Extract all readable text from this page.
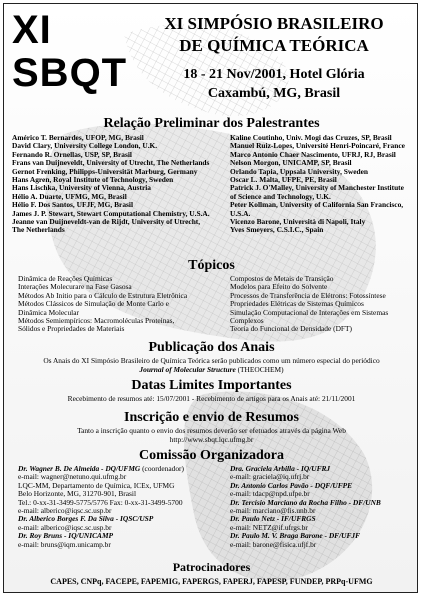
XI
SBQT
XI SIMPÓSIO BRASILEIRO
DE QUÍMICA TEÓRICA
18 - 21 Nov/2001, Hotel Glória
Caxambú, MG, Brasil
Relação Preliminar dos Palestrantes
Américo T. Bernardes, UFOP, MG, Brasil
David Clary, University College London, U.K.
Fernando R. Ornellas, USP, SP, Brasil
Frans van Duijneveldt, University of Utrecht, The Netherlands
Gernot Frenking, Philipps-Universität Marburg, Germany
Hans Agren, Royal Institute of Technology, Sweden
Hans Lischka, University of Vienna, Austria
Hélio A. Duarte, UFMG, MG, Brasil
Hélio F. Dos Santos, UFJF, MG, Brasil
James J. P. Stewart, Stewart Computational Chemistry, U.S.A.
Jeanne van Duijneveldt-van de Rijdt, University of Utrecht,
The Netherlands
Kaline Coutinho, Univ. Mogi das Cruzes, SP, Brasil
Manuel Ruiz-Lopes, Université Henri-Poincaré, France
Marco Antonio Chaer Nascimento, UFRJ, RJ, Brasil
Nelson Morgon, UNICAMP, SP, Brasil
Orlando Tapia, Uppsala University, Sweden
Oscar L. Malta, UFPE, PE, Brasil
Patrick J. O'Malley, University of Manchester Institute
of Science and Technology, U.K.
Peter Kollman, University of California San Francisco,
U.S.A.
Vicenzo Barone, Università di Napoli, Italy
Yves Smeyers, C.S.I.C., Spain
Tópicos
Dinâmica de Reações Químicas
Interações Molecurare na Fase Gasosa
Métodos Ab Initio para o Cálculo de Estrutura Eletrônica
Métodos Clássicos de Simulação de Monte Carlo e
Dinâmica Molecular
Métodos Semiempíricos: Macromoléculas Proteinas,
Sólidos e Propriedades de Materiais
Compostos de Metais de Transição
Modelos para Efeito do Solvente
Processos de Transferência de Elétrons: Fotossíntese
Propriedades Elétricas de Sistemas Químicos
Simulação Computacional de Interações em Sistemas
Complexos
Teoria do Funcional de Densidade (DFT)
Publicação dos Anais
Os Anais do XI Simpósio Brasileiro de Química Teórica serão publicados como um número especial do periódico
Journal of Molecular Structure (THEOCHEM)
Datas Limites Importantes
Recebimento de resumos até: 15/07/2001 - Recebimento de artigos para os Anais até: 21/11/2001
Inscrição e envio de Resumos
Tanto a inscrição quanto o envio dos resumos deverão ser efetuados através da página Web
http://www.sbqt.lqc.ufmg.br
Comissão Organizadora
Dr. Wagner B. De Almeida - DQ/UFMG (coordenador)
e-mail: wagner@netuno.qui.ufmg.br
LQC-MM, Departamento de Química, ICEx, UFMG
Belo Horizonte, MG, 31270-901, Brasil
Tel.: 0-xx-31-3499-5775/5776 Fax: 0-xx-31-3499-5700
e-mail: alberico@iqsc.sc.usp.br
Dr. Alberico Borges F. Da Silva - IQSC/USP
e-mail: alberico@iqsc.sc.usp.br
Dr. Roy Bruns - IQ/UNICAMP
e-mail: bruns@iqm.unicamp.br
Dra. Graciela Arbilla - IQ/UFRJ
e-mail: graciela@iq.ufrj.br
Dr. Antonio Carlos Pavão - DQF/UFPE
e-mail: tdacp@npd.ufpe.br
Dr. Tercísio Marciano da Rocha Filho - DF/UNB
e-mail: marciano@fis.unb.br
Dr. Paulo Netz - IF/UFRGS
e-mail: NETZ@if.ufrgs.br
Dr. Paulo M. V. Braga Barone - DF/UFJF
e-mail: barone@fisica.ufjf.br
Patrocinadores
CAPES, CNPq, FACEPE, FAPEMIG, FAPERGS, FAPERJ, FAPESP, FUNDEP, PRPq-UFMG
